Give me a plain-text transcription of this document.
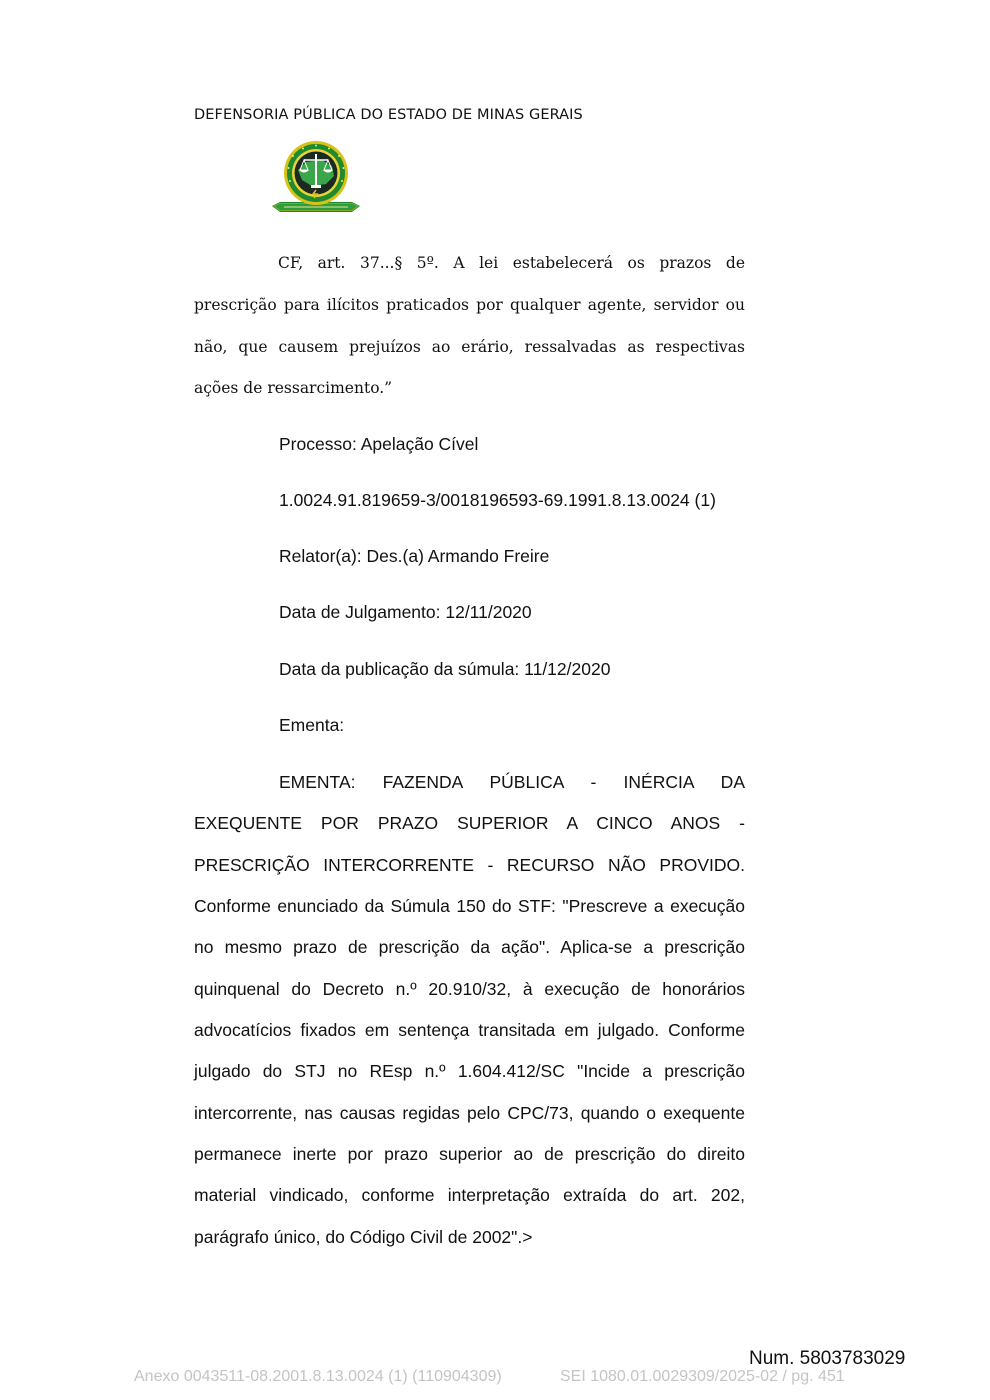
DEFENSORIA PÚBLICA DO ESTADO DE MINAS GERAIS
CF, art. 37...§ 5º. A lei estabelecerá os prazos de prescrição para ilícitos praticados por qualquer agente, servidor ou não, que causem prejuízos ao erário, ressalvadas as respectivas ações de ressarcimento.”
Processo: Apelação Cível
1.0024.91.819659-3/0018196593-69.1991.8.13.0024 (1)
Relator(a): Des.(a) Armando Freire
Data de Julgamento: 12/11/2020
Data da publicação da súmula: 11/12/2020
Ementa:
EMENTA: FAZENDA PÚBLICA - INÉRCIA DA EXEQUENTE POR PRAZO SUPERIOR A CINCO ANOS - PRESCRIÇÃO INTERCORRENTE - RECURSO NÃO PROVIDO. Conforme enunciado da Súmula 150 do STF: "Prescreve a execução no mesmo prazo de prescrição da ação". Aplica-se a prescrição quinquenal do Decreto n.º 20.910/32, à execução de honorários advocatícios fixados em sentença transitada em julgado. Conforme julgado do STJ no REsp n.º 1.604.412/SC "Incide a prescrição intercorrente, nas causas regidas pelo CPC/73, quando o exequente permanece inerte por prazo superior ao de prescrição do direito material vindicado, conforme interpretação extraída do art. 202, parágrafo único, do Código Civil de 2002".>
Num. 5803783029
Anexo 0043511-08.2001.8.13.0024 (1) (110904309)	SEI 1080.01.0029309/2025-02 / pg. 451
